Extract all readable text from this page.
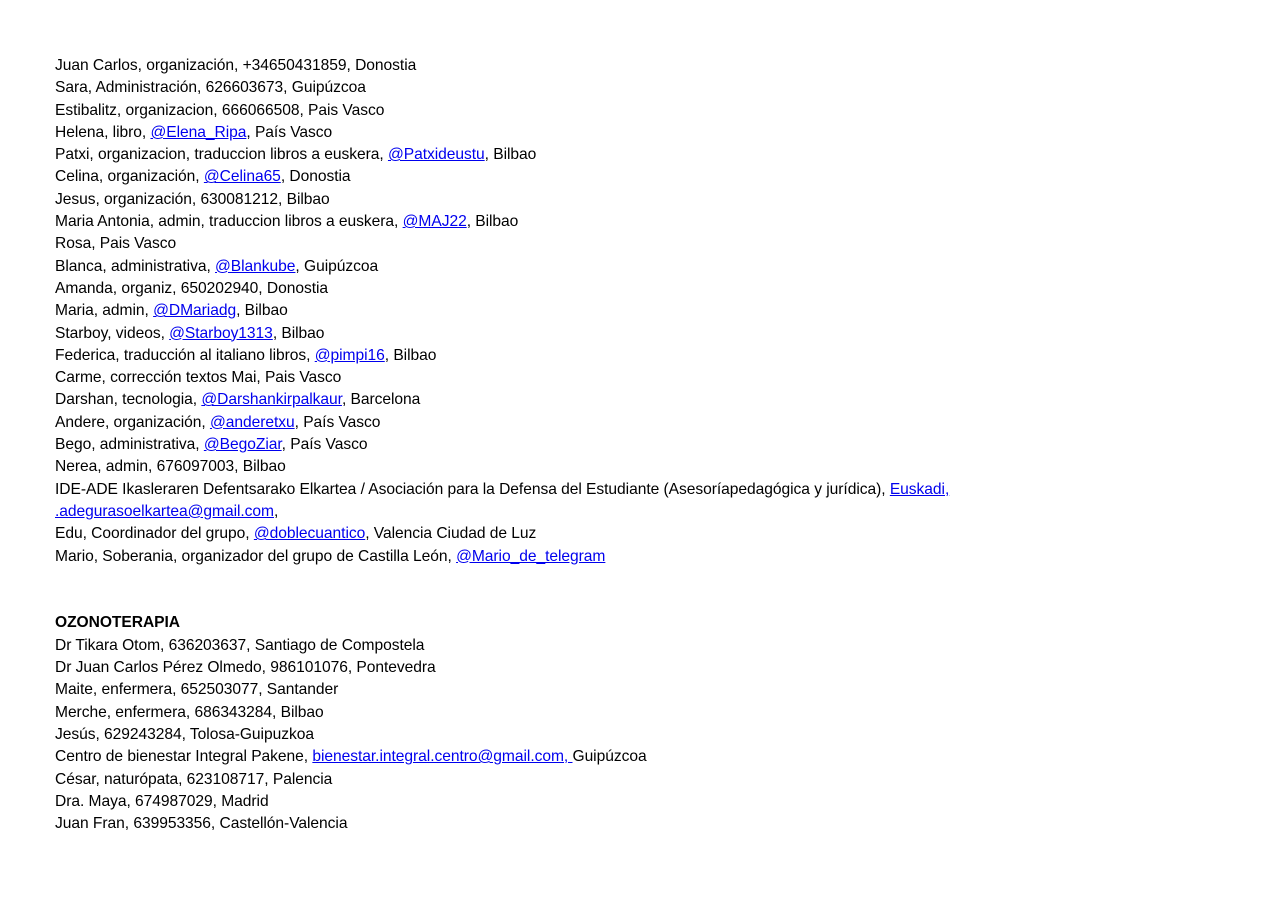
Juan Carlos, organización, +34650431859, Donostia
Sara, Administración, 626603673, Guipúzcoa
Estibalitz, organizacion, 666066508, Pais Vasco
Helena, libro, @Elena_Ripa, País Vasco
Patxi, organizacion, traduccion libros a euskera, @Patxideustu, Bilbao
Celina, organización, @Celina65, Donostia
Jesus, organización, 630081212, Bilbao
Maria Antonia, admin, traduccion libros a euskera, @MAJ22, Bilbao
Rosa, Pais Vasco
Blanca, administrativa, @Blankube, Guipúzcoa
Amanda, organiz, 650202940, Donostia
Maria, admin, @DMariadg, Bilbao
Starboy, videos, @Starboy1313, Bilbao
Federica, traducción al italiano libros, @pimpi16, Bilbao
Carme, corrección textos Mai, Pais Vasco
Darshan, tecnologia, @Darshankirpalkaur, Barcelona
Andere, organización, @anderetxu, País Vasco
Bego, administrativa, @BegoZiar, País Vasco
Nerea, admin, 676097003, Bilbao
IDE-ADE Ikasleraren Defentsarako Elkartea / Asociación para la Defensa del Estudiante (Asesoríapedagógica y jurídica), Euskadi,
.adegurasoelkartea@gmail.com,
Edu, Coordinador del grupo, @doblecuantico, Valencia Ciudad de Luz
Mario, Soberania, organizador del grupo de Castilla León, @Mario_de_telegram
OZONOTERAPIA
Dr Tikara Otom, 636203637, Santiago de Compostela
Dr Juan Carlos Pérez Olmedo, 986101076, Pontevedra
Maite, enfermera, 652503077, Santander
Merche, enfermera, 686343284, Bilbao
Jesús, 629243284, Tolosa-Guipuzkoa
Centro de bienestar Integral Pakene, bienestar.integral.centro@gmail.com, Guipúzcoa
César, naturópata, 623108717, Palencia
Dra. Maya, 674987029, Madrid
Juan Fran, 639953356, Castellón-Valencia
